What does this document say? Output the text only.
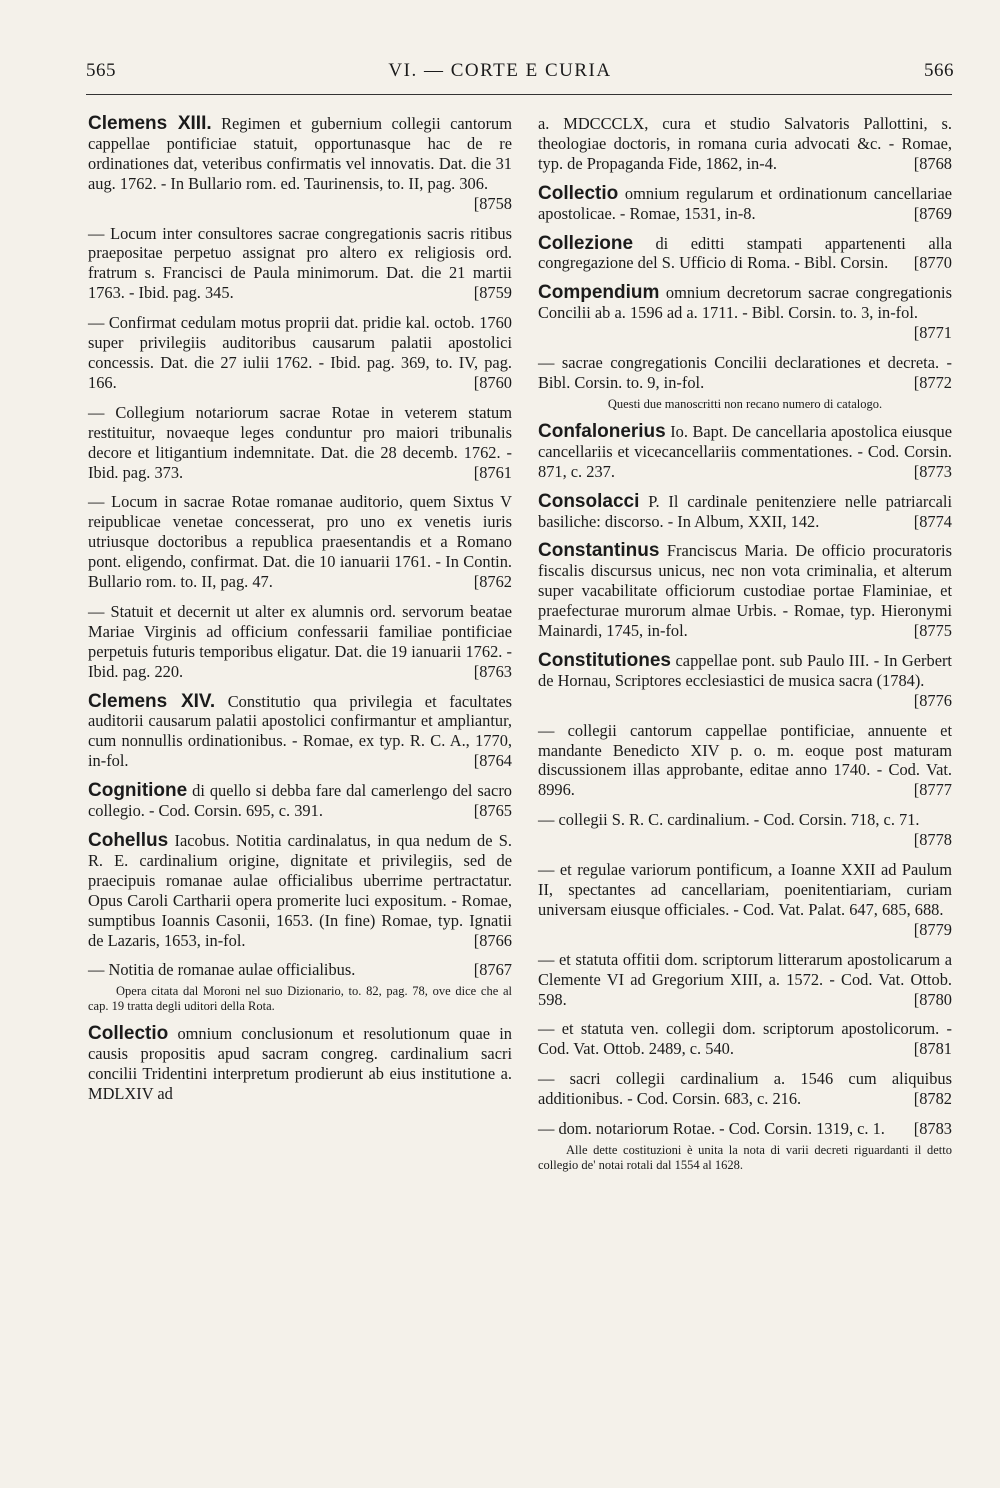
565	VI. — CORTE E CURIA	566
Clemens XIII. Regimen et gubernium collegii cantorum cappellae pontificiae statuit, opportunasque hac de re ordinationes dat, veteribus confirmatis vel innovatis. Dat. die 31 aug. 1762. - In Bullario rom. ed. Taurinensis, to. II, pag. 306.
[8758
— Locum inter consultores sacrae congregationis sacris ritibus praepositae perpetuo assignat pro altero ex religiosis ord. fratrum s. Francisci de Paula minimorum. Dat. die 21 martii 1763. - Ibid. pag. 345.	[8759
— Confirmat cedulam motus proprii dat. pridie kal. octob. 1760 super privilegiis auditoribus causarum palatii apostolici concessis. Dat. die 27 iulii 1762. - Ibid. pag. 369, to. IV, pag. 166.	[8760
— Collegium notariorum sacrae Rotae in veterem statum restituitur, novaeque leges conduntur pro maiori tribunalis decore et litigantium indemnitate. Dat. die 28 decemb. 1762. - Ibid. pag. 373.	[8761
— Locum in sacrae Rotae romanae auditorio, quem Sixtus V reipublicae venetae concesserat, pro uno ex venetis iuris utriusque doctoribus a republica praesentandis et a Romano pont. eligendo, confirmat. Dat. die 10 ianuarii 1761. - In Contin. Bullario rom. to. II, pag. 47.	[8762
— Statuit et decernit ut alter ex alumnis ord. servorum beatae Mariae Virginis ad officium confessarii familiae pontificiae perpetuis futuris temporibus eligatur. Dat. die 19 ianuarii 1762. - Ibid. pag. 220.	[8763
Clemens XIV. Constitutio qua privilegia et facultates auditorii causarum palatii apostolici confirmantur et ampliantur, cum nonnullis ordinationibus. - Romae, ex typ. R. C. A., 1770, in-fol.	[8764
Cognitione di quello si debba fare dal camerlengo del sacro collegio. - Cod. Corsin. 695, c. 391.	[8765
Cohellus Iacobus. Notitia cardinalatus, in qua nedum de S. R. E. cardinalium origine, dignitate et privilegiis, sed de praecipuis romanae aulae officialibus uberrime pertractatur. Opus Caroli Cartharii opera promerite luci expositum. - Romae, sumptibus Ioannis Casonii, 1653. (In fine) Romae, typ. Ignatii de Lazaris, 1653, in-fol.	[8766
— Notitia de romanae aulae officialibus.	[8767
Opera citata dal Moroni nel suo Dizionario, to. 82, pag. 78, ove dice che al cap. 19 tratta degli uditori della Rota.
Collectio omnium conclusionum et resolutionum quae in causis propositis apud sacram congreg. cardinalium sacri concilii Tridentini interpretum prodierunt ab eius institutione a. MDLXIV ad
a. MDCCCLX, cura et studio Salvatoris Pallottini, s. theologiae doctoris, in romana curia advocati &c. - Romae, typ. de Propaganda Fide, 1862, in-4.	[8768
Collectio omnium regularum et ordinationum cancellariae apostolicae. - Romae, 1531, in-8.	[8769
Collezione di editti stampati appartenenti alla congregazione del S. Ufficio di Roma. - Bibl. Corsin. [8770
Compendium omnium decretorum sacrae congregationis Concilii ab a. 1596 ad a. 1711. - Bibl. Corsin. to. 3, in-fol.
[8771
— sacrae congregationis Concilii declarationes et decreta. - Bibl. Corsin. to. 9, in-fol.	[8772
Questi due manoscritti non recano numero di catalogo.
Confalonerius Io. Bapt. De cancellaria apostolica eiusque cancellariis et vicecancellariis commentationes. - Cod. Corsin. 871, c. 237.	[8773
Consolacci P. Il cardinale penitenziere nelle patriarcali basiliche: discorso. - In Album, XXII, 142.	[8774
Constantinus Franciscus Maria. De officio procuratoris fiscalis discursus unicus, nec non vota criminalia, et alterum super vacabilitate officiorum custodiae portae Flaminiae, et praefecturae murorum almae Urbis. - Romae, typ. Hieronymi Mainardi, 1745, in-fol.	[8775
Constitutiones cappellae pont. sub Paulo III. - In Gerbert de Hornau, Scriptores ecclesiastici de musica sacra (1784).
[8776
— collegii cantorum cappellae pontificiae, annuente et mandante Benedicto XIV p. o. m. eoque post maturam discussionem illas approbante, editae anno 1740. - Cod. Vat. 8996.	[8777
— collegii S. R. C. cardinalium. - Cod. Corsin. 718, c. 71.
[8778
— et regulae variorum pontificum, a Ioanne XXII ad Paulum II, spectantes ad cancellariam, poenitentiariam, curiam universam eiusque officiales. - Cod. Vat. Palat. 647, 685, 688.
[8779
— et statuta offitii dom. scriptorum litterarum apostolicarum a Clemente VI ad Gregorium XIII, a. 1572. - Cod. Vat. Ottob. 598.	[8780
— et statuta ven. collegii dom. scriptorum apostolicorum. - Cod. Vat. Ottob. 2489, c. 540.	[8781
— sacri collegii cardinalium a. 1546 cum aliquibus additionibus. - Cod. Corsin. 683, c. 216.	[8782
— dom. notariorum Rotae. - Cod. Corsin. 1319, c. 1. [8783
Alle dette costituzioni è unita la nota di varii decreti riguardanti il detto collegio de' notai rotali dal 1554 al 1628.
